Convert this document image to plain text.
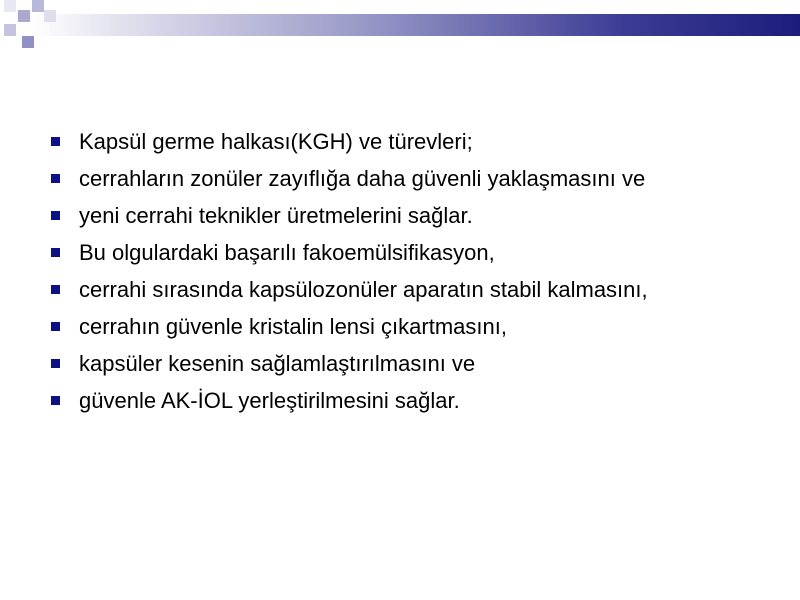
Kapsül germe halkası(KGH) ve türevleri;
cerrahların zonüler zayıflığa daha güvenli yaklaşmasını ve
yeni cerrahi teknikler üretmelerini sağlar.
Bu olgulardaki başarılı fakoemülsifikasyon,
cerrahi sırasında kapsülozonüler aparatın stabil kalmasını,
cerrahın güvenle kristalin lensi çıkartmasını,
kapsüler kesenin sağlamlaştırılmasını ve
güvenle AK-İOL yerleştirilmesini sağlar.
